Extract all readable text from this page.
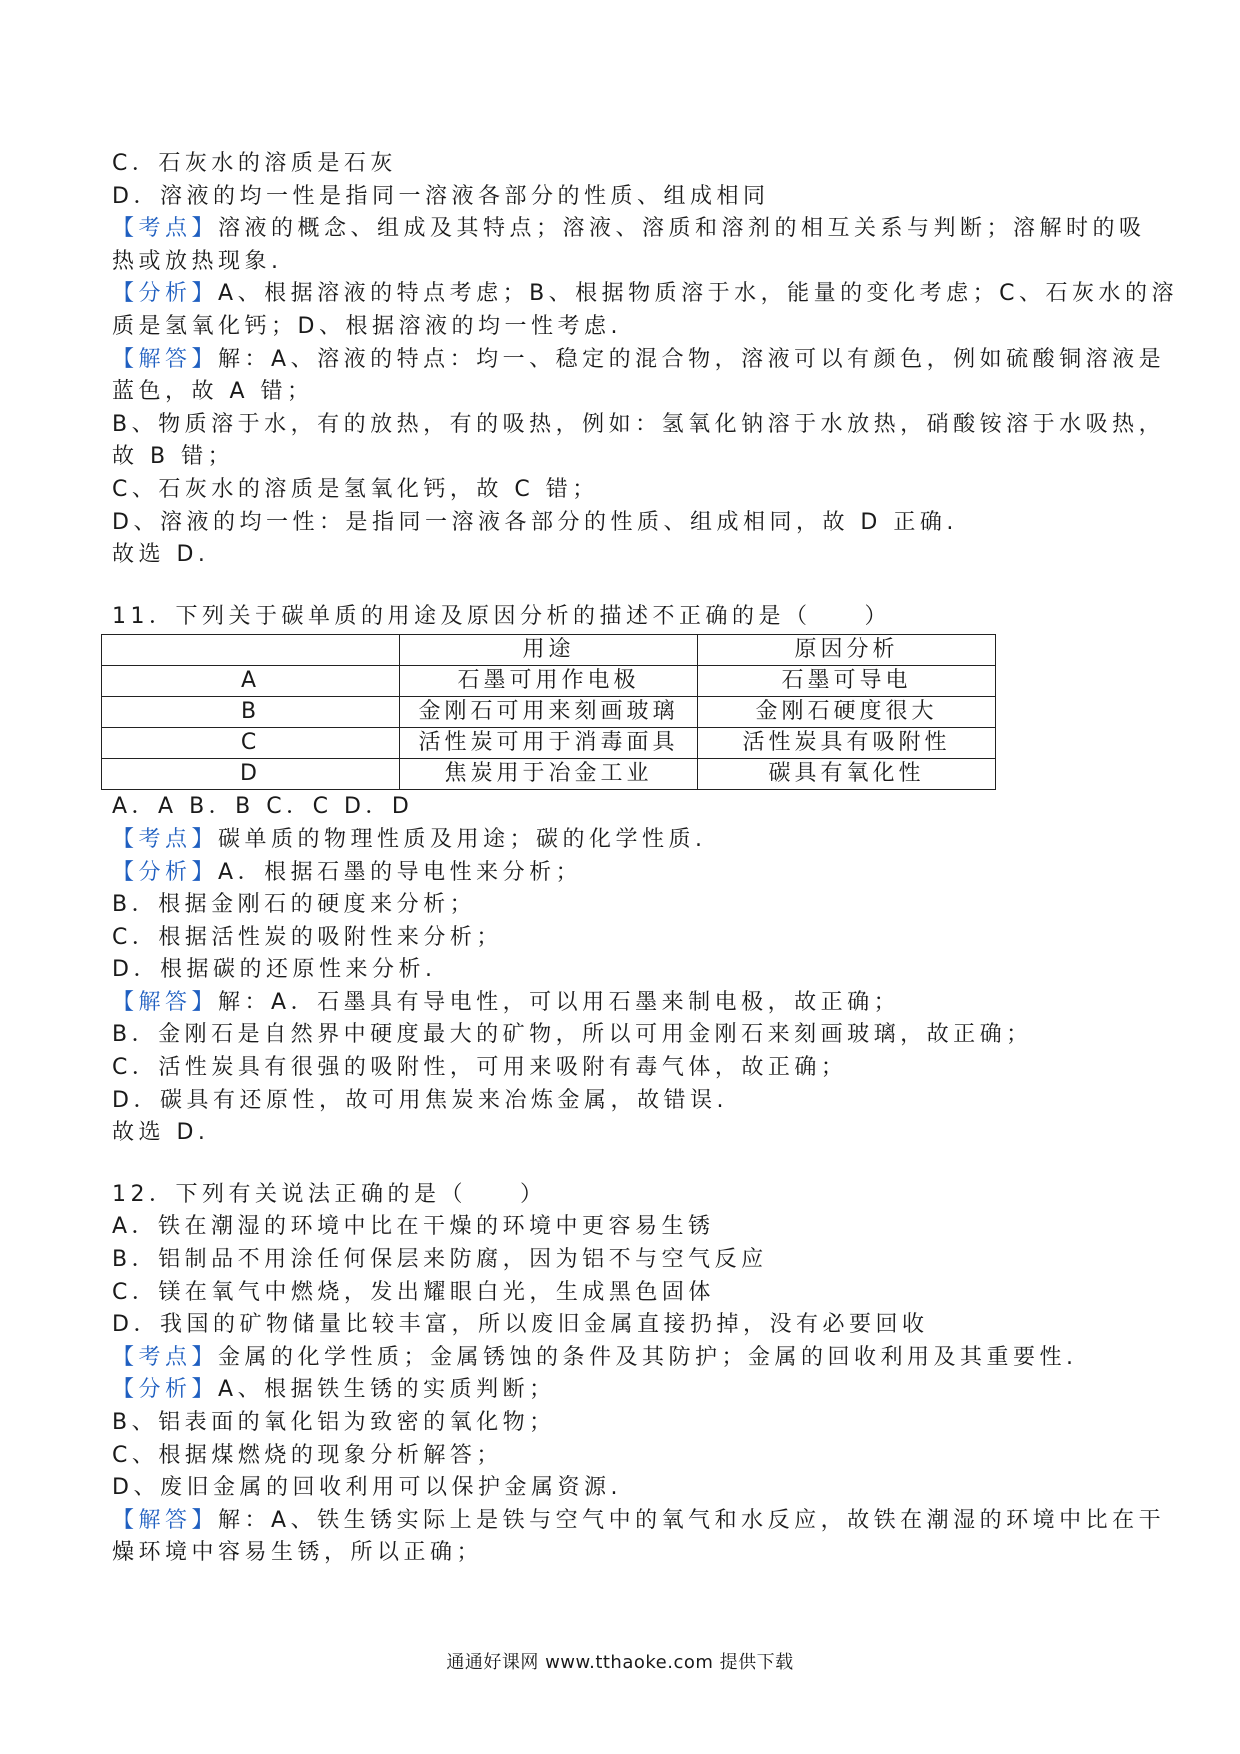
C．石灰水的溶质是石灰
D．溶液的均一性是指同一溶液各部分的性质、组成相同
【考点】溶液的概念、组成及其特点；溶液、溶质和溶剂的相互关系与判断；溶解时的吸
热或放热现象.
【分析】A、根据溶液的特点考虑；B、根据物质溶于水，能量的变化考虑；C、石灰水的溶
质是氢氧化钙；D、根据溶液的均一性考虑.
【解答】解：A、溶液的特点：均一、稳定的混合物，溶液可以有颜色，例如硫酸铜溶液是
蓝色，故 A 错；
B、物质溶于水，有的放热，有的吸热，例如：氢氧化钠溶于水放热，硝酸铵溶于水吸热，
故 B 错；
C、石灰水的溶质是氢氧化钙，故 C 错；
D、溶液的均一性：是指同一溶液各部分的性质、组成相同，故 D 正确.
故选 D.
11．下列关于碳单质的用途及原因分析的描述不正确的是（　　）
	用途	原因分析
A	石墨可用作电极	石墨可导电
B	金刚石可用来刻画玻璃	金刚石硬度很大
C	活性炭可用于消毒面具	活性炭具有吸附性
D	焦炭用于冶金工业	碳具有氧化性
A．A B．B C．C D．D
【考点】碳单质的物理性质及用途；碳的化学性质.
【分析】A．根据石墨的导电性来分析；
B．根据金刚石的硬度来分析；
C．根据活性炭的吸附性来分析；
D．根据碳的还原性来分析.
【解答】解：A．石墨具有导电性，可以用石墨来制电极，故正确；
B．金刚石是自然界中硬度最大的矿物，所以可用金刚石来刻画玻璃，故正确；
C．活性炭具有很强的吸附性，可用来吸附有毒气体，故正确；
D．碳具有还原性，故可用焦炭来冶炼金属，故错误.
故选 D.
12．下列有关说法正确的是（　　）
A．铁在潮湿的环境中比在干燥的环境中更容易生锈
B．铝制品不用涂任何保层来防腐，因为铝不与空气反应
C．镁在氧气中燃烧，发出耀眼白光，生成黑色固体
D．我国的矿物储量比较丰富，所以废旧金属直接扔掉，没有必要回收
【考点】金属的化学性质；金属锈蚀的条件及其防护；金属的回收利用及其重要性.
【分析】A、根据铁生锈的实质判断；
B、铝表面的氧化铝为致密的氧化物；
C、根据煤燃烧的现象分析解答；
D、废旧金属的回收利用可以保护金属资源.
【解答】解：A、铁生锈实际上是铁与空气中的氧气和水反应，故铁在潮湿的环境中比在干
燥环境中容易生锈，所以正确；
通通好课网 www.tthaoke.com 提供下载
